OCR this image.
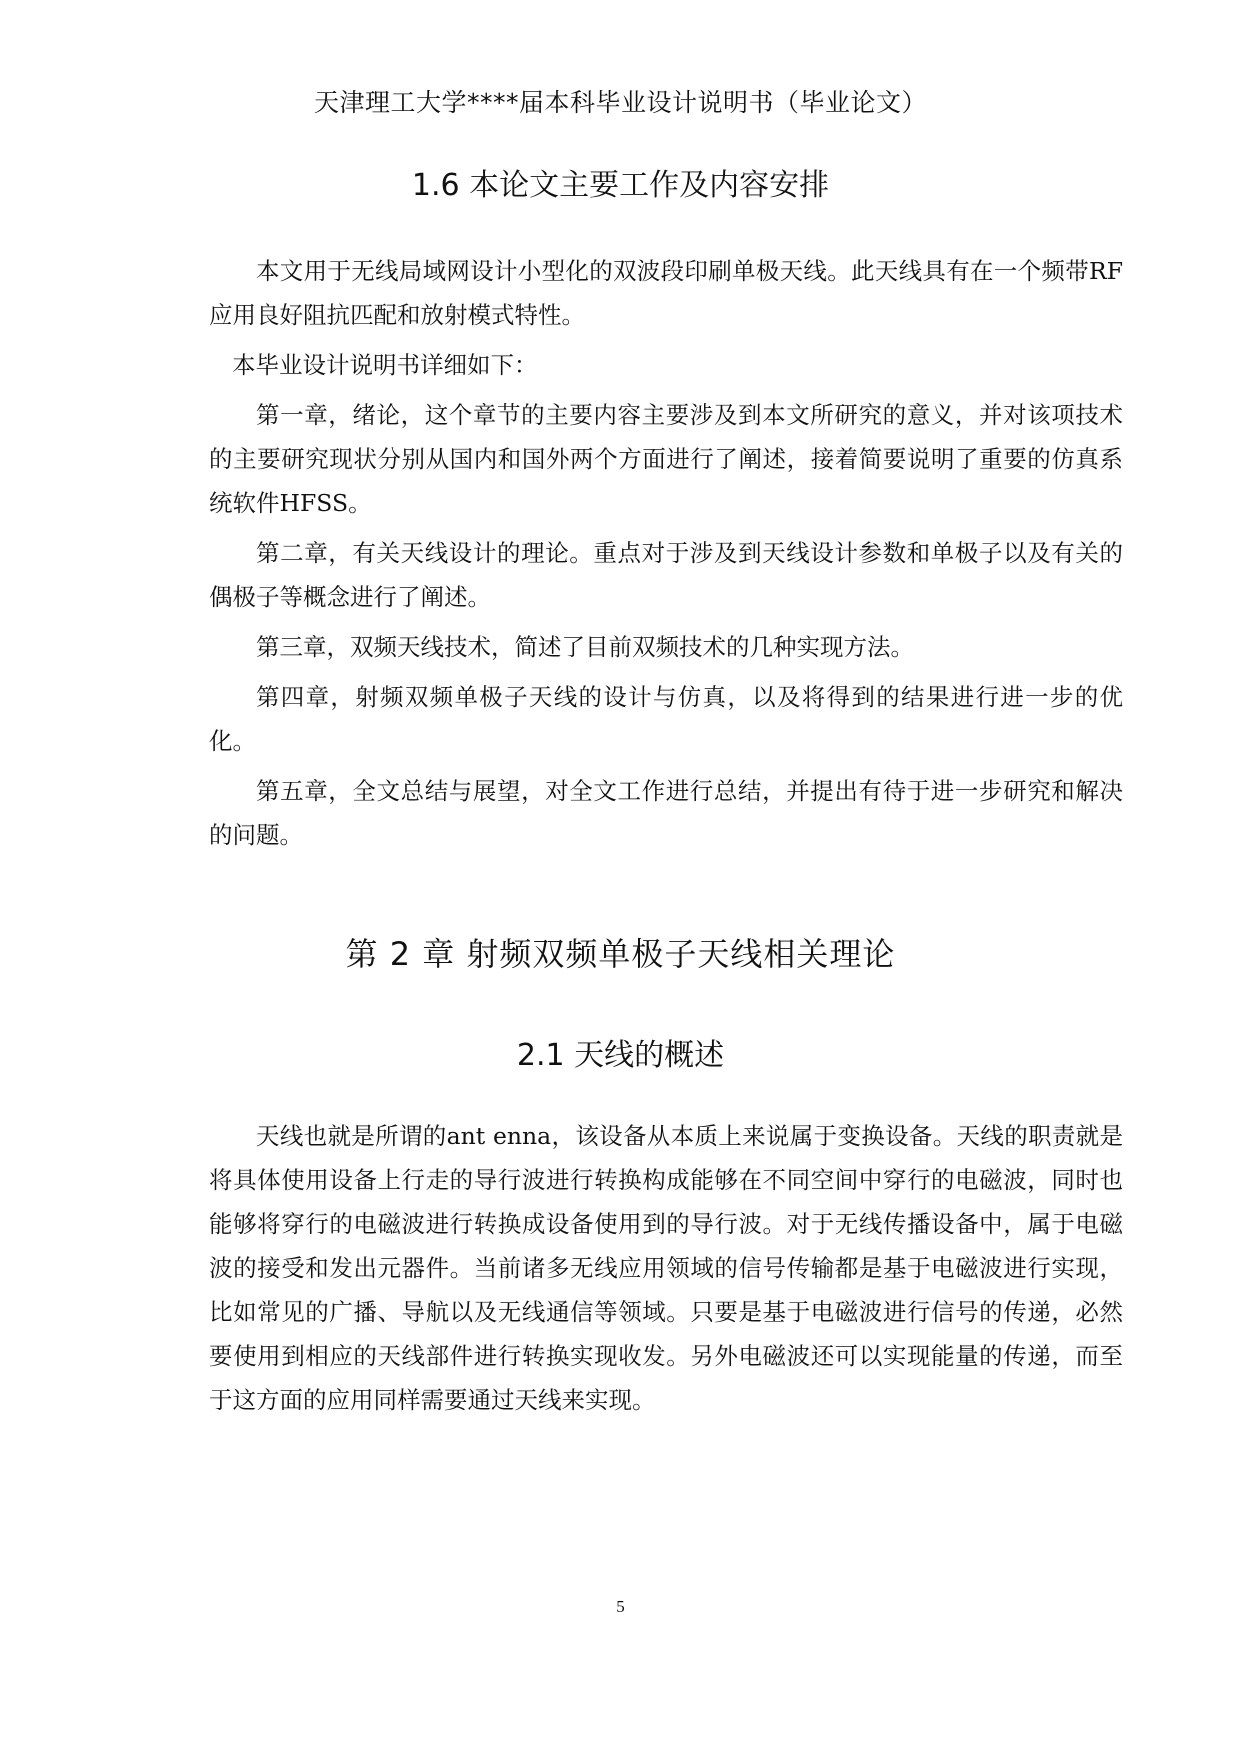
天津理工大学****届本科毕业设计说明书（毕业论文）
1.6 本论文主要工作及内容安排

本文用于无线局域网设计小型化的双波段印刷单极天线。此天线具有在一个频带RF应用良好阻抗匹配和放射模式特性。

本毕业设计说明书详细如下：

第一章，绪论，这个章节的主要内容主要涉及到本文所研究的意义，并对该项技术的主要研究现状分别从国内和国外两个方面进行了阐述，接着简要说明了重要的仿真系统软件HFSS。

第二章，有关天线设计的理论。重点对于涉及到天线设计参数和单极子以及有关的偶极子等概念进行了阐述。

第三章，双频天线技术，简述了目前双频技术的几种实现方法。

第四章，射频双频单极子天线的设计与仿真，以及将得到的结果进行进一步的优化。

第五章，全文总结与展望，对全文工作进行总结，并提出有待于进一步研究和解决的问题。

第 2 章 射频双频单极子天线相关理论
2.1 天线的概述

天线也就是所谓的ant enna，该设备从本质上来说属于变换设备。天线的职责就是将具体使用设备上行走的导行波进行转换构成能够在不同空间中穿行的电磁波，同时也能够将穿行的电磁波进行转换成设备使用到的导行波。对于无线传播设备中，属于电磁波的接受和发出元器件。当前诸多无线应用领域的信号传输都是基于电磁波进行实现，比如常见的广播、导航以及无线通信等领域。只要是基于电磁波进行信号的传递，必然要使用到相应的天线部件进行转换实现收发。另外电磁波还可以实现能量的传递，而至于这方面的应用同样需要通过天线来实现。

5
